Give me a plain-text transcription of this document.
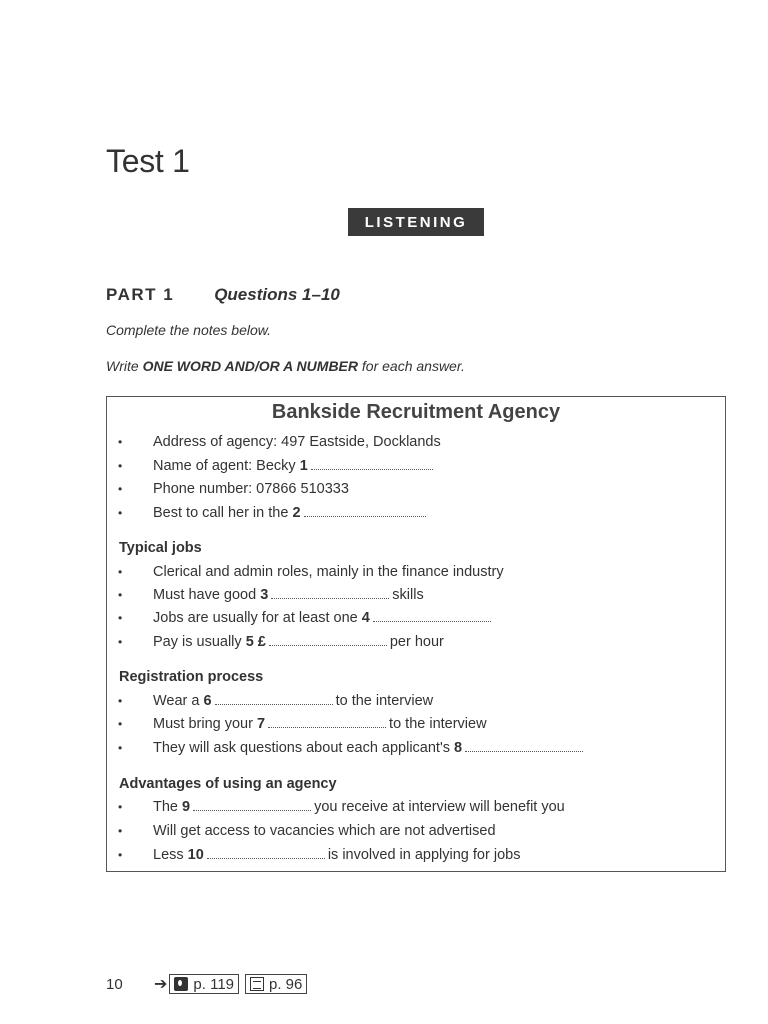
Test 1
LISTENING
PART 1 Questions 1–10
Complete the notes below.
Write ONE WORD AND/OR A NUMBER for each answer.
Bankside Recruitment Agency
• Address of agency: 497 Eastside, Docklands
• Name of agent: Becky 1
• Phone number: 07866 510333
• Best to call her in the 2
Typical jobs
• Clerical and admin roles, mainly in the finance industry
• Must have good 3	skills
• Jobs are usually for at least one 4
• Pay is usually 5 £	per hour
Registration process
• Wear a 6	to the interview
• Must bring your 7	to the interview
• They will ask questions about each applicant's 8
Advantages of using an agency
• The 9	you receive at interview will benefit you
• Will get access to vacancies which are not advertised
• Less 10	is involved in applying for jobs
10	➔ p. 119 p. 96
